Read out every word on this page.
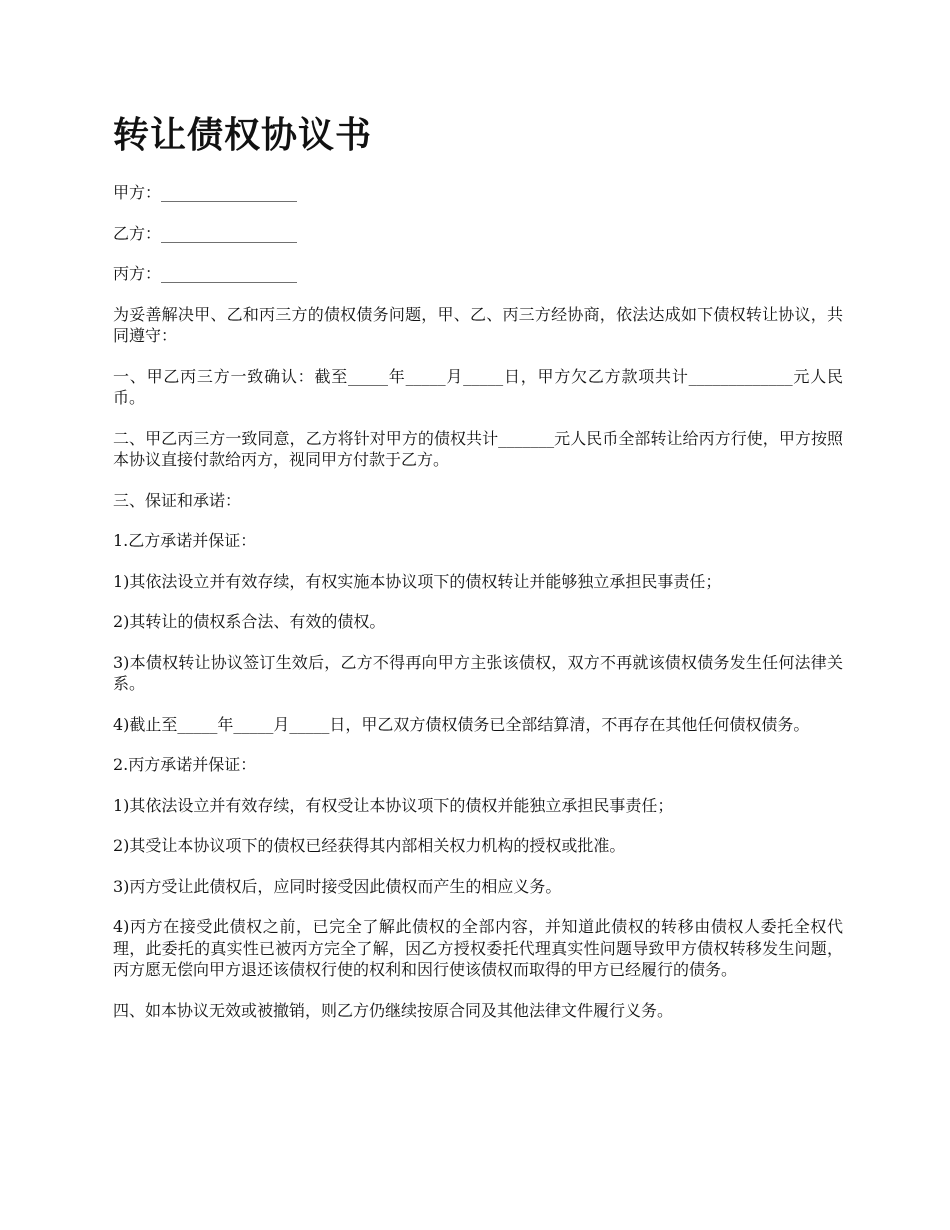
转让债权协议书

甲方：_________________

乙方：_________________

丙方：_________________

为妥善解决甲、乙和丙三方的债权债务问题，甲、乙、丙三方经协商，依法达成如下债权转让协议，共同遵守：

一、甲乙丙三方一致确认：截至_____年_____月_____日，甲方欠乙方款项共计_____________元人民币。

二、甲乙丙三方一致同意，乙方将针对甲方的债权共计_______元人民币全部转让给丙方行使，甲方按照本协议直接付款给丙方，视同甲方付款于乙方。

三、保证和承诺：

1.乙方承诺并保证：

1)其依法设立并有效存续，有权实施本协议项下的债权转让并能够独立承担民事责任；

2)其转让的债权系合法、有效的债权。

3)本债权转让协议签订生效后，乙方不得再向甲方主张该债权，双方不再就该债权债务发生任何法律关系。

4)截止至_____年_____月_____日，甲乙双方债权债务已全部结算清，不再存在其他任何债权债务。

2.丙方承诺并保证：

1)其依法设立并有效存续，有权受让本协议项下的债权并能独立承担民事责任；

2)其受让本协议项下的债权已经获得其内部相关权力机构的授权或批准。

3)丙方受让此债权后，应同时接受因此债权而产生的相应义务。

4)丙方在接受此债权之前，已完全了解此债权的全部内容，并知道此债权的转移由债权人委托全权代理，此委托的真实性已被丙方完全了解，因乙方授权委托代理真实性问题导致甲方债权转移发生问题，丙方愿无偿向甲方退还该债权行使的权利和因行使该债权而取得的甲方已经履行的债务。

四、如本协议无效或被撤销，则乙方仍继续按原合同及其他法律文件履行义务。
